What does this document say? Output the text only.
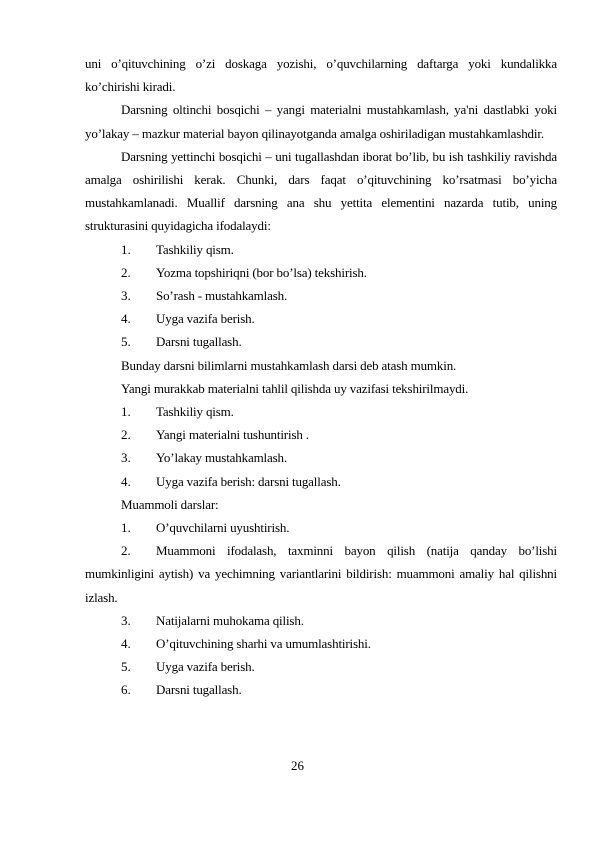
uni o’qituvchining o’zi doskaga yozishi, o’quvchilarning daftarga yoki kundalikka ko’chirishi kiradi.

Darsning oltinchi bosqichi – yangi materialni mustahkamlash, ya'ni dastlabki yoki yo’lakay – mazkur material bayon qilinayotganda amalga oshiriladigan mustahkamlashdir.

Darsning yettinchi bosqichi – uni tugallashdan iborat bo’lib, bu ish tashkiliy ravishda amalga oshirilishi kerak. Chunki, dars faqat o’qituvchining ko’rsatmasi bo’yicha mustahkamlanadi. Muallif darsning ana shu yettita elementini nazarda tutib, uning strukturasini quyidagicha ifodalaydi:

1.	Tashkiliy qism.
2.	Yozma topshiriqni (bor bo’lsa) tekshirish.
3.	So’rash - mustahkamlash.
4.	Uyga vazifa berish.
5.	Darsni tugallash.

Bunday darsni bilimlarni mustahkamlash darsi deb atash mumkin.

Yangi murakkab materialni tahlil qilishda uy vazifasi tekshirilmaydi.

1.	Tashkiliy qism.
2.	Yangi materialni tushuntirish .
3.	Yo’lakay mustahkamlash.
4.	Uyga vazifa berish: darsni tugallash.

Muammoli darslar:

1.	O’quvchilarni uyushtirish.

2. Muammoni ifodalash, taxminni bayon qilish (natija qanday bo’lishi mumkinligini aytish) va yechimning variantlarini bildirish: muammoni amaliy hal qilishni izlash.

3.	Natijalarni muhokama qilish.
4.	O’qituvchining sharhi va umumlashtirishi.
5.	Uyga vazifa berish.
6.	Darsni tugallash.
26
